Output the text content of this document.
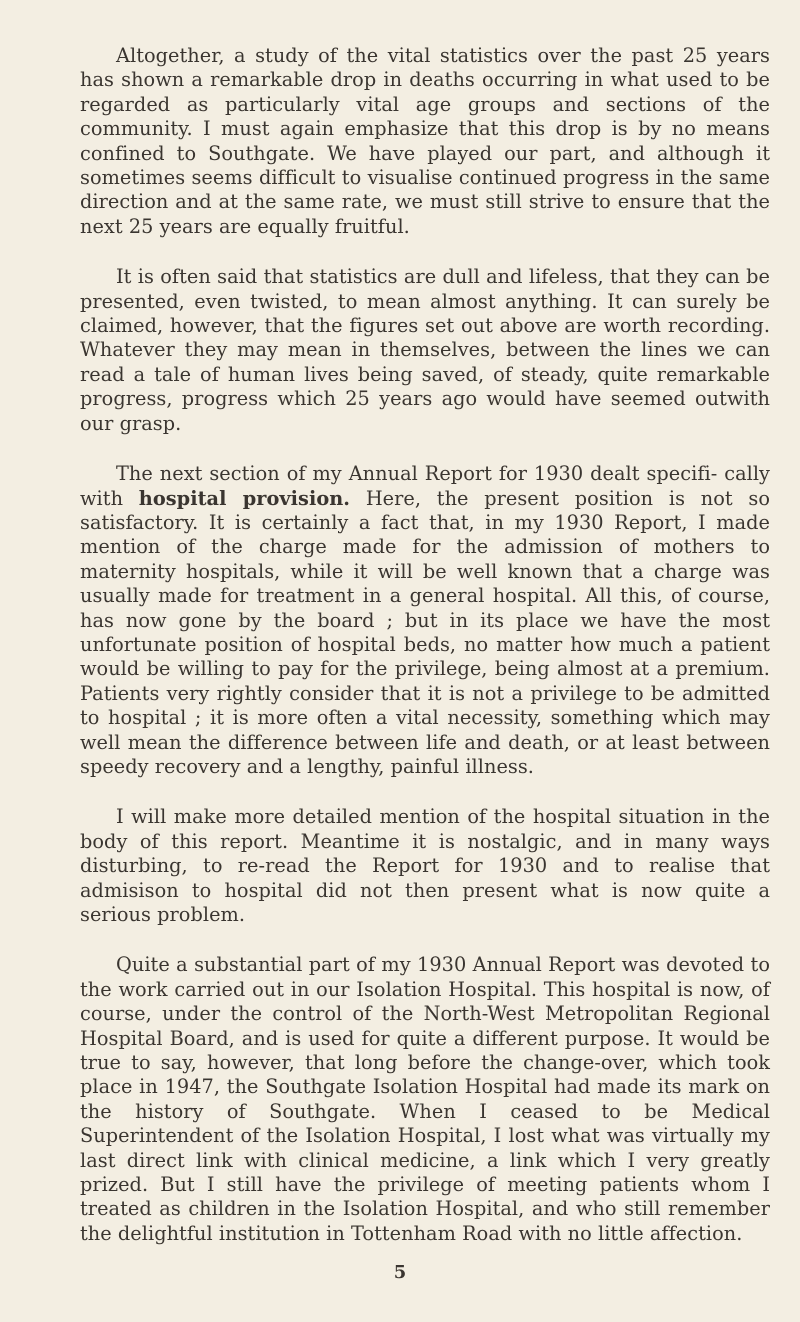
Altogether, a study of the vital statistics over the past 25 years has shown a remarkable drop in deaths occurring in what used to be regarded as particularly vital age groups and sections of the community. I must again emphasize that this drop is by no means confined to Southgate. We have played our part, and although it sometimes seems difficult to visualise continued progress in the same direction and at the same rate, we must still strive to ensure that the next 25 years are equally fruitful.

It is often said that statistics are dull and lifeless, that they can be presented, even twisted, to mean almost anything. It can surely be claimed, however, that the figures set out above are worth recording. Whatever they may mean in themselves, between the lines we can read a tale of human lives being saved, of steady, quite remarkable progress, progress which 25 years ago would have seemed outwith our grasp.

The next section of my Annual Report for 1930 dealt specifi- cally with hospital provision. Here, the present position is not so satisfactory. It is certainly a fact that, in my 1930 Report, I made mention of the charge made for the admission of mothers to maternity hospitals, while it will be well known that a charge was usually made for treatment in a general hospital. All this, of course, has now gone by the board ; but in its place we have the most unfortunate position of hospital beds, no matter how much a patient would be willing to pay for the privilege, being almost at a premium. Patients very rightly consider that it is not a privilege to be admitted to hospital ; it is more often a vital necessity, something which may well mean the difference between life and death, or at least between speedy recovery and a lengthy, painful illness.

I will make more detailed mention of the hospital situation in the body of this report. Meantime it is nostalgic, and in many ways disturbing, to re-read the Report for 1930 and to realise that admisison to hospital did not then present what is now quite a serious problem.

Quite a substantial part of my 1930 Annual Report was devoted to the work carried out in our Isolation Hospital. This hospital is now, of course, under the control of the North-West Metropolitan Regional Hospital Board, and is used for quite a different purpose. It would be true to say, however, that long before the change-over, which took place in 1947, the Southgate Isolation Hospital had made its mark on the history of Southgate. When I ceased to be Medical Superintendent of the Isolation Hospital, I lost what was virtually my last direct link with clinical medicine, a link which I very greatly prized. But I still have the privilege of meeting patients whom I treated as children in the Isolation Hospital, and who still remember the delightful institution in Tottenham Road with no little affection.

5
